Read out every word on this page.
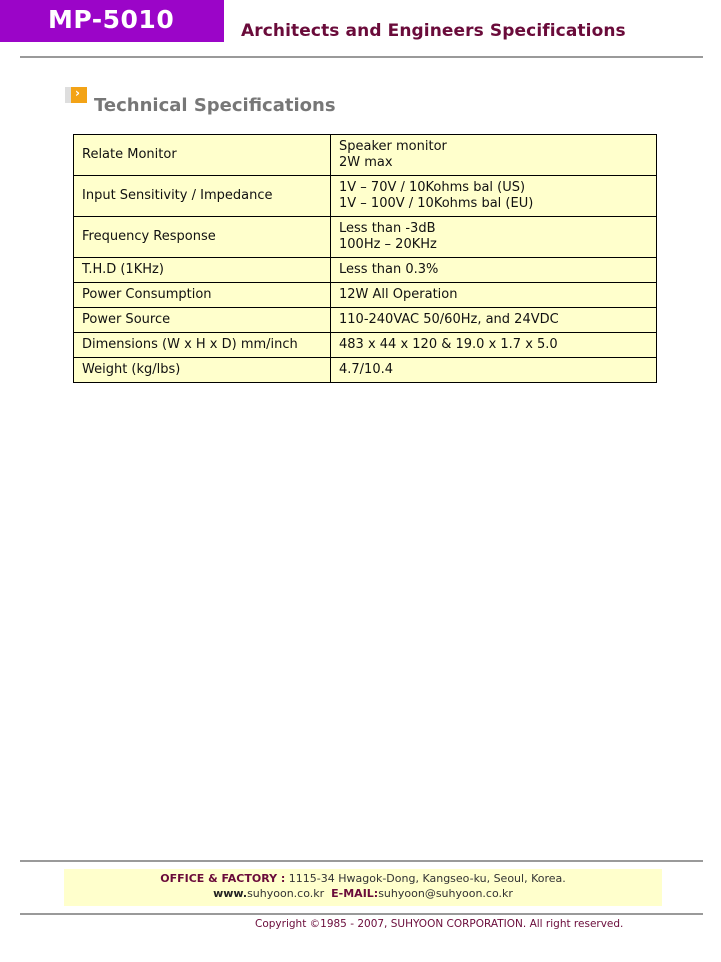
MP-5010	Architects and Engineers Specifications
›
Technical Specifications
Relate Monitor	Speaker monitor
2W max

Input Sensitivity / Impedance	1V – 70V / 10Kohms bal (US)
1V – 100V / 10Kohms bal (EU)

Frequency Response	Less than -3dB
100Hz – 20KHz

T.H.D (1KHz)	Less than 0.3%
Power Consumption	12W All Operation
Power Source	110-240VAC 50/60Hz, and 24VDC
Dimensions (W x H x D) mm/inch	483 x 44 x 120 & 19.0 x 1.7 x 5.0
Weight (kg/lbs)	4.7/10.4
OFFICE & FACTORY : 1115-34 Hwagok-Dong, Kangseo-ku, Seoul, Korea.
www.suhyoon.co.kr E-MAIL:suhyoon@suhyoon.co.kr
Copyright ©1985 - 2007, SUHYOON CORPORATION. All right reserved.
